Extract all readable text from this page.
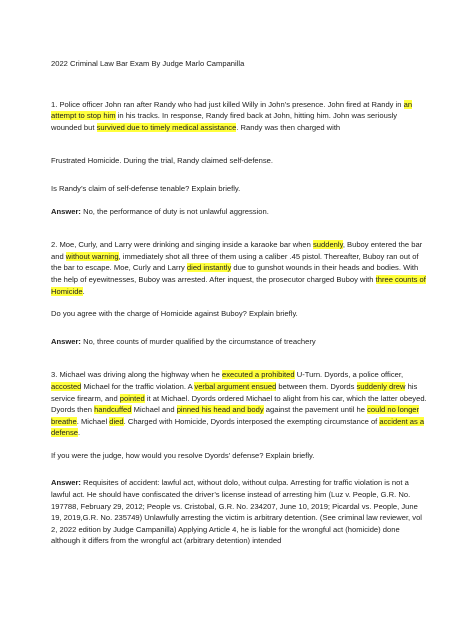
2022 Criminal Law Bar Exam By Judge Marlo Campanilla

1. Police officer John ran after Randy who had just killed Willy in John’s presence. John fired at Randy in an attempt to stop him in his tracks. In response, Randy fired back at John, hitting him. John was seriously wounded but survived due to timely medical assistance. Randy was then charged with

Frustrated Homicide. During the trial, Randy claimed self-defense.

Is Randy’s claim of self-defense tenable? Explain briefly.

Answer: No, the performance of duty is not unlawful aggression.

2. Moe, Curly, and Larry were drinking and singing inside a karaoke bar when suddenly, Buboy entered the bar and without warning, immediately shot all three of them using a caliber .45 pistol. Thereafter, Buboy ran out of the bar to escape. Moe, Curly and Larry died instantly due to gunshot wounds in their heads and bodies. With the help of eyewitnesses, Buboy was arrested. After inquest, the prosecutor charged Buboy with three counts of Homicide.

Do you agree with the charge of Homicide against Buboy? Explain briefly.

Answer: No, three counts of murder qualified by the circumstance of treachery

3. Michael was driving along the highway when he executed a prohibited U-Turn. Dyords, a police officer, accosted Michael for the traffic violation. A verbal argument ensued between them. Dyords suddenly drew his service firearm, and pointed it at Michael. Dyords ordered Michael to alight from his car, which the latter obeyed. Dyords then handcuffed Michael and pinned his head and body against the pavement until he could no longer breathe. Michael died. Charged with Homicide, Dyords interposed the exempting circumstance of accident as a defense.

If you were the judge, how would you resolve Dyords’ defense? Explain briefly.

Answer: Requisites of accident: lawful act, without dolo, without culpa. Arresting for traffic violation is not a lawful act. He should have confiscated the driver’s license instead of arresting him (Luz v. People, G.R. No. 197788, February 29, 2012; People vs. Cristobal, G.R. No. 234207, June 10, 2019; Picardal vs. People, June 19, 2019,G.R. No. 235749) Unlawfully arresting the victim is arbitrary detention. (See criminal law reviewer, vol 2, 2022 edition by Judge Campanilla) Applying Article 4, he is liable for the wrongful act (homicide) done although it differs from the wrongful act (arbitrary detention) intended
